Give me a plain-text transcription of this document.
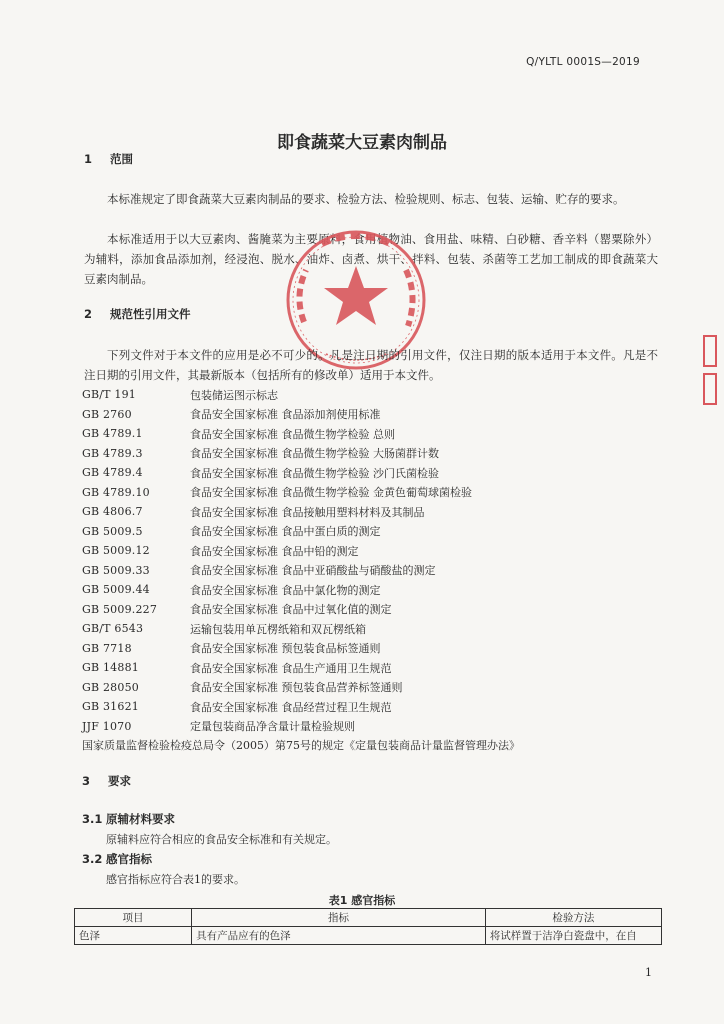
Q/YLTL 0001S—2019
即食蔬菜大豆素肉制品
1 范围
本标准规定了即食蔬菜大豆素肉制品的要求、检验方法、检验规则、标志、包装、运输、贮存的要求。
本标准适用于以大豆素肉、酱腌菜为主要原料，食用植物油、食用盐、味精、白砂糖、香辛料（罂粟除外）为辅料，添加食品添加剂，经浸泡、脱水、油炸、卤煮、烘干、拌料、包装、杀菌等工艺加工制成的即食蔬菜大豆素肉制品。
2 规范性引用文件
下列文件对于本文件的应用是必不可少的。凡是注日期的引用文件，仅注日期的版本适用于本文件。凡是不注日期的引用文件，其最新版本（包括所有的修改单）适用于本文件。
GB/T 191	包装储运图示标志
GB 2760	食品安全国家标准 食品添加剂使用标准
GB 4789.1	食品安全国家标准 食品微生物学检验 总则
GB 4789.3	食品安全国家标准 食品微生物学检验 大肠菌群计数
GB 4789.4	食品安全国家标准 食品微生物学检验 沙门氏菌检验
GB 4789.10	食品安全国家标准 食品微生物学检验 金黄色葡萄球菌检验
GB 4806.7	食品安全国家标准 食品接触用塑料材料及其制品
GB 5009.5	食品安全国家标准 食品中蛋白质的测定
GB 5009.12	食品安全国家标准 食品中铅的测定
GB 5009.33	食品安全国家标准 食品中亚硝酸盐与硝酸盐的测定
GB 5009.44	食品安全国家标准 食品中氯化物的测定
GB 5009.227	食品安全国家标准 食品中过氧化值的测定
GB/T 6543	运输包装用单瓦楞纸箱和双瓦楞纸箱
GB 7718	食品安全国家标准 预包装食品标签通则
GB 14881	食品安全国家标准 食品生产通用卫生规范
GB 28050	食品安全国家标准 预包装食品营养标签通则
GB 31621	食品安全国家标准 食品经营过程卫生规范
JJF 1070	定量包装商品净含量计量检验规则
国家质量监督检验检疫总局令（2005）第75号的规定《定量包装商品计量监督管理办法》
3 要求
3.1 原辅材料要求
原辅料应符合相应的食品安全标准和有关规定。
3.2 感官指标
感官指标应符合表1的要求。
表1 感官指标
项目	指标	检验方法
色泽	具有产品应有的色泽	将试样置于洁净白瓷盘中，在自
1
